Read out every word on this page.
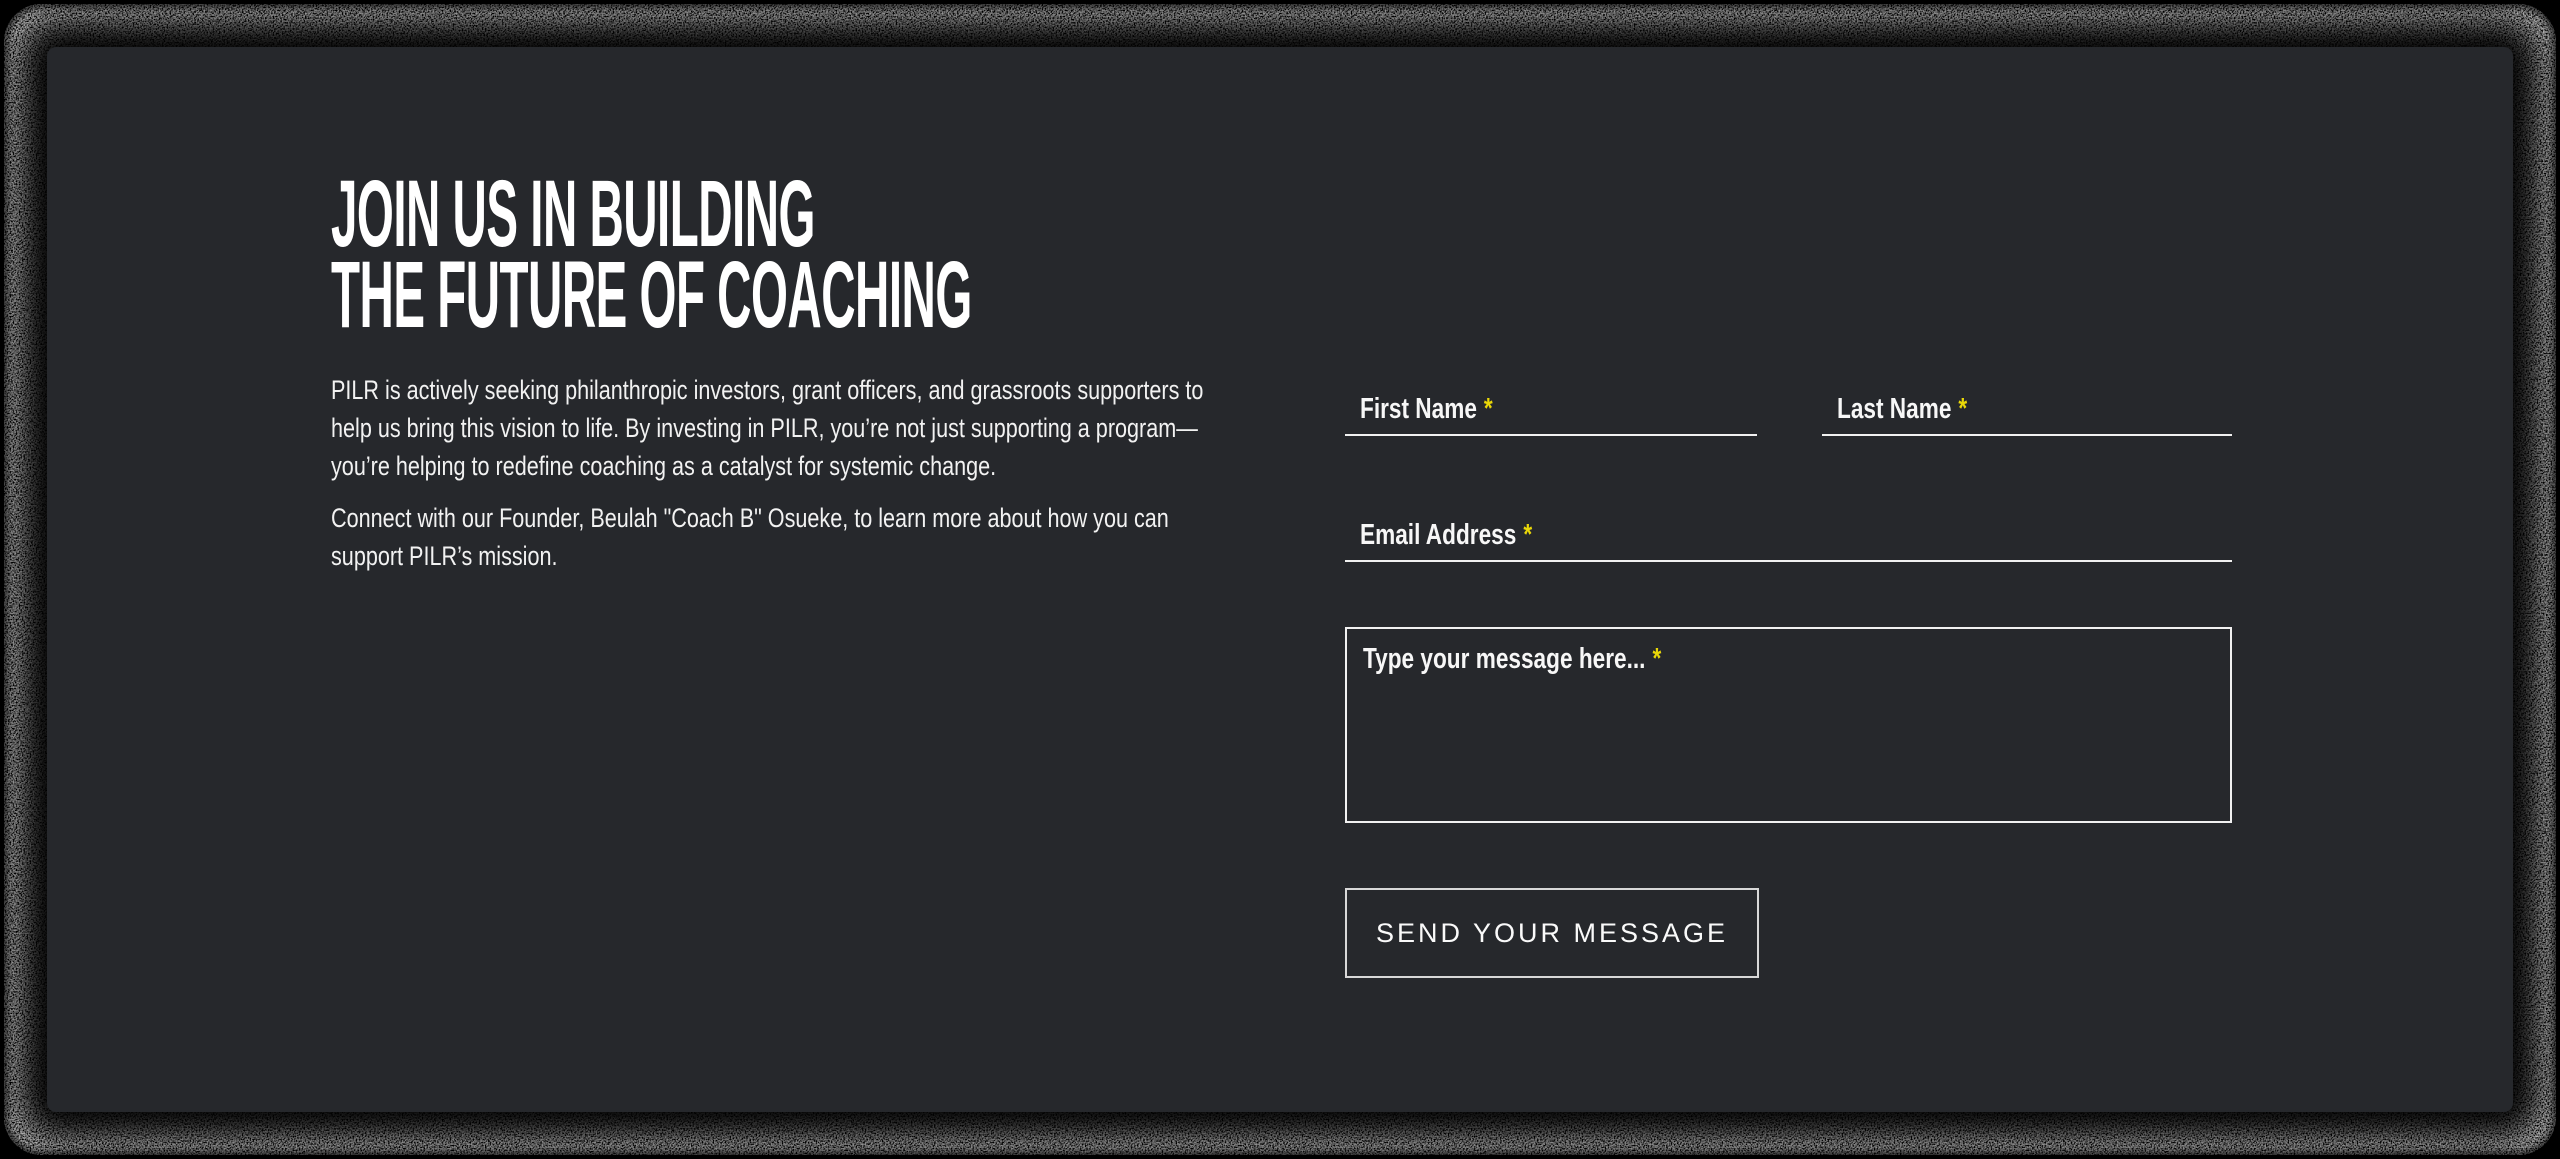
JOIN US IN BUILDING
THE FUTURE OF COACHING

PILR is actively seeking philanthropic investors, grant officers, and grassroots supporters to help us bring this vision to life. By investing in PILR, you’re not just supporting a program—you’re helping to redefine coaching as a catalyst for systemic change.

Connect with our Founder, Beulah "Coach B" Osueke, to learn more about how you can support PILR’s mission.

First Name *	Last Name *
Email Address *
Type your message here... *
SEND YOUR MESSAGE
